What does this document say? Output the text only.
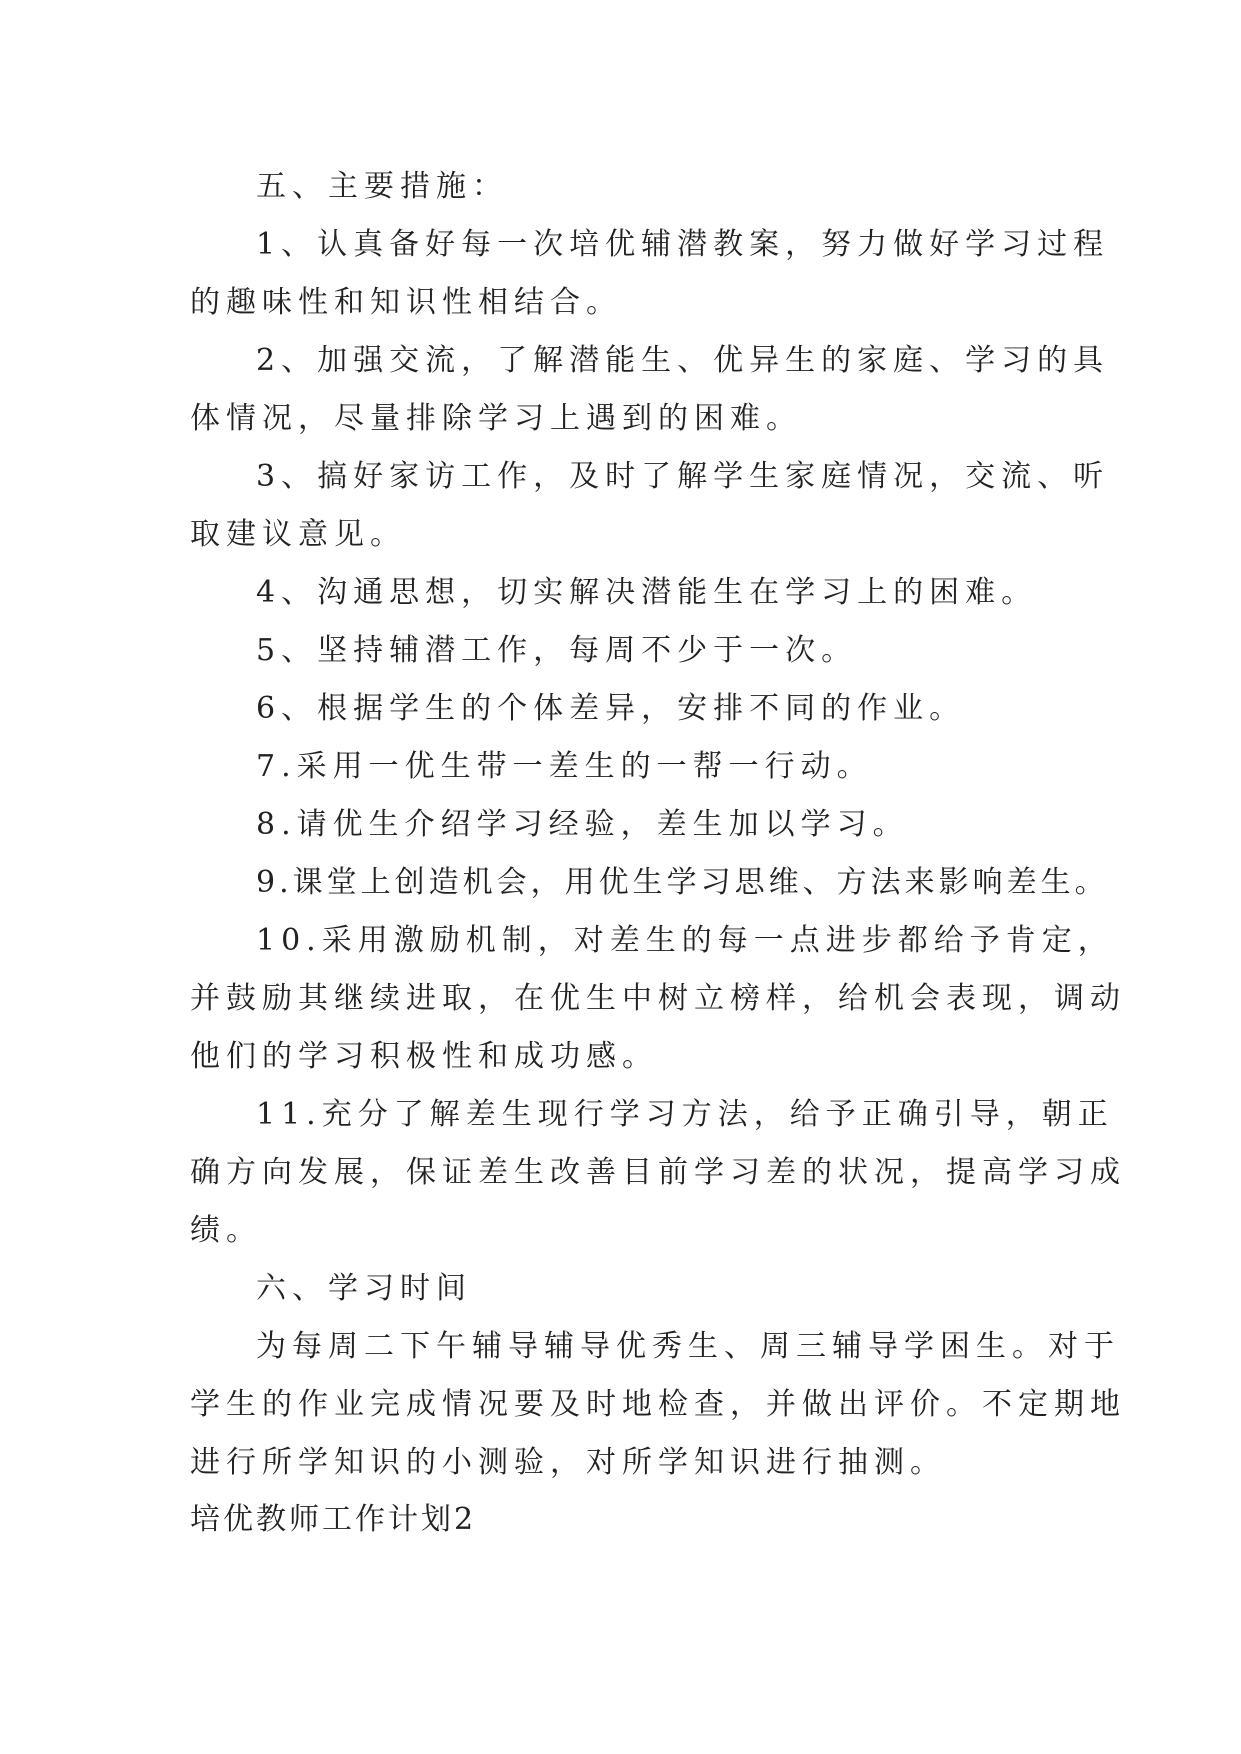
五、主要措施：
1、认真备好每一次培优辅潜教案，努力做好学习过程
的趣味性和知识性相结合。
2、加强交流，了解潜能生、优异生的家庭、学习的具
体情况，尽量排除学习上遇到的困难。
3、搞好家访工作，及时了解学生家庭情况，交流、听
取建议意见。
4、沟通思想，切实解决潜能生在学习上的困难。
5、坚持辅潜工作，每周不少于一次。
6、根据学生的个体差异，安排不同的作业。
7.采用一优生带一差生的一帮一行动。
8.请优生介绍学习经验，差生加以学习。
9.课堂上创造机会，用优生学习思维、方法来影响差生。
10.采用激励机制，对差生的每一点进步都给予肯定，
并鼓励其继续进取，在优生中树立榜样，给机会表现，调动
他们的学习积极性和成功感。
11.充分了解差生现行学习方法，给予正确引导，朝正
确方向发展，保证差生改善目前学习差的状况，提高学习成
绩。
六、学习时间
为每周二下午辅导辅导优秀生、周三辅导学困生。对于
学生的作业完成情况要及时地检查，并做出评价。不定期地
进行所学知识的小测验，对所学知识进行抽测。
培优教师工作计划2
